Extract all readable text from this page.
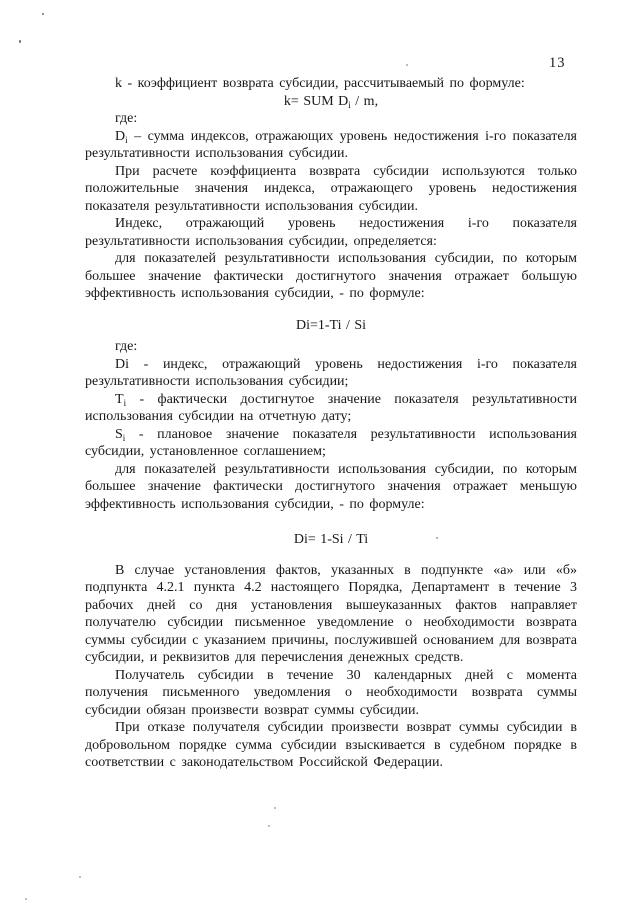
13

k - коэффициент возврата субсидии, рассчитываемый по формуле:

k= SUM $D_i$ / m,

где:

$D_i$ – сумма индексов, отражающих уровень недостижения i-го показателя результативности использования субсидии.

При расчете коэффициента возврата субсидии используются только положительные значения индекса, отражающего уровень недостижения показателя результативности использования субсидии.

Индекс, отражающий уровень недостижения i-го показателя результативности использования субсидии, определяется:

для показателей результативности использования субсидии, по которым большее значение фактически достигнутого значения отражает большую эффективность использования субсидии, - по формуле:

Di=1-Ti / Si

где:

Di - индекс, отражающий уровень недостижения i-го показателя результативности использования субсидии;

$T_i$ - фактически достигнутое значение показателя результативности использования субсидии на отчетную дату;

$S_i$ - плановое значение показателя результативности использования субсидии, установленное соглашением;

для показателей результативности использования субсидии, по которым большее значение фактически достигнутого значения отражает меньшую эффективность использования субсидии, - по формуле:

Di= 1-Si / Ti

В случае установления фактов, указанных в подпункте «а» или «б» подпункта 4.2.1 пункта 4.2 настоящего Порядка, Департамент в течение 3 рабочих дней со дня установления вышеуказанных фактов направляет получателю субсидии письменное уведомление о необходимости возврата суммы субсидии с указанием причины, послужившей основанием для возврата субсидии, и реквизитов для перечисления денежных средств.

Получатель субсидии в течение 30 календарных дней с момента получения письменного уведомления о необходимости возврата суммы субсидии обязан произвести возврат суммы субсидии.

При отказе получателя субсидии произвести возврат суммы субсидии в добровольном порядке сумма субсидии взыскивается в судебном порядке в соответствии с законодательством Российской Федерации.
